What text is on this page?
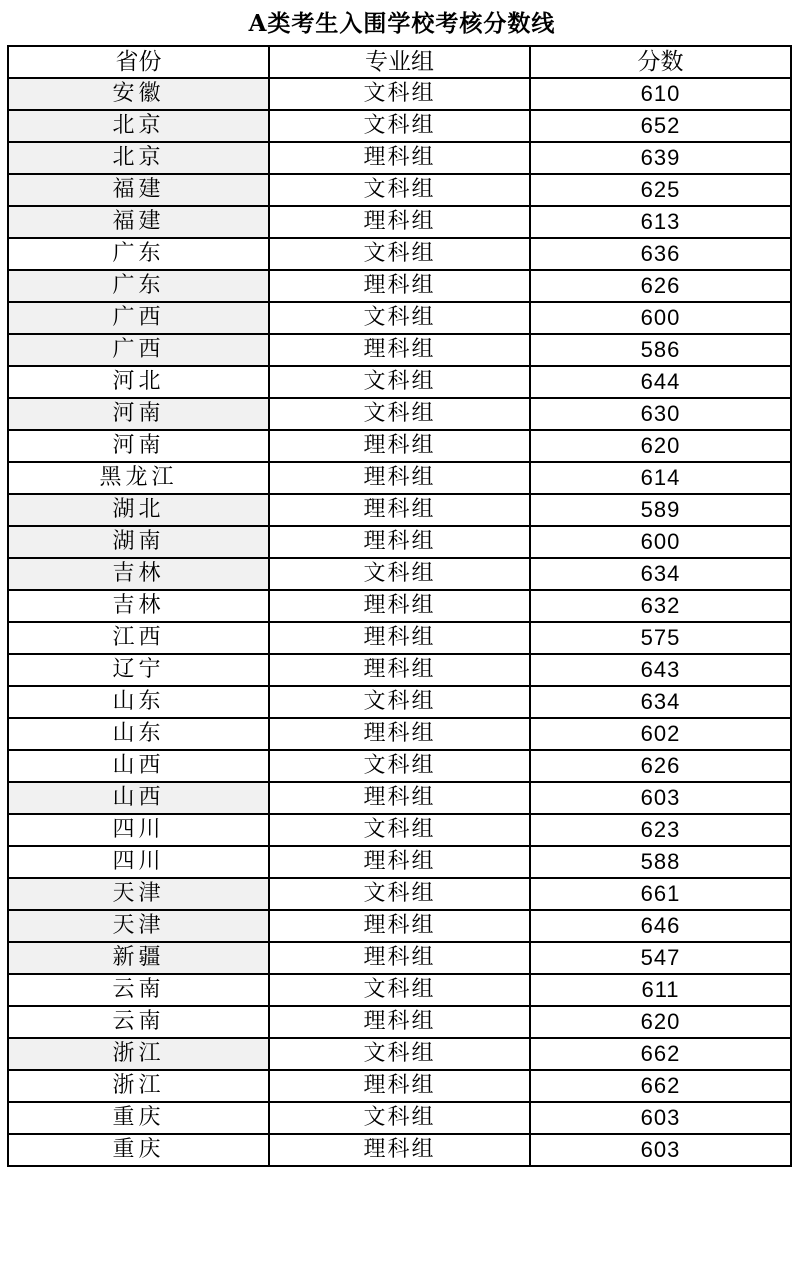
A类考生入围学校考核分数线
省份	专业组	分数
安徽	文科组	610
北京	文科组	652
北京	理科组	639
福建	文科组	625
福建	理科组	613
广东	文科组	636
广东	理科组	626
广西	文科组	600
广西	理科组	586
河北	文科组	644
河南	文科组	630
河南	理科组	620
黑龙江	理科组	614
湖北	理科组	589
湖南	理科组	600
吉林	文科组	634
吉林	理科组	632
江西	理科组	575
辽宁	理科组	643
山东	文科组	634
山东	理科组	602
山西	文科组	626
山西	理科组	603
四川	文科组	623
四川	理科组	588
天津	文科组	661
天津	理科组	646
新疆	理科组	547
云南	文科组	611
云南	理科组	620
浙江	文科组	662
浙江	理科组	662
重庆	文科组	603
重庆	理科组	603
